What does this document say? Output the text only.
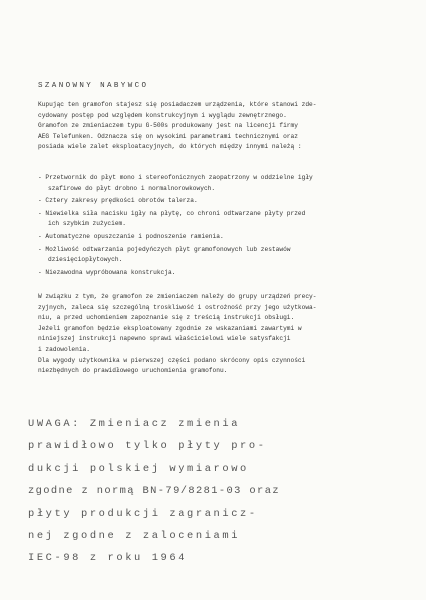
SZANOWNY NABYWCO
Kupując ten gramofon stajesz się posiadaczem urządzenia, które stanowi zde-
cydowany postęp pod względem konstrukcyjnym i wyglądu zewnętrznego.
Gramofon ze zmieniaczem typu G-500s produkowany jest na licencji firmy
AEG Telefunken. Odznacza się on wysokimi parametrami technicznymi oraz
posiada wiele zalet eksploatacyjnych, do których między innymi należą :
- Przetwornik do płyt mono i stereofonicznych zaopatrzony w oddzielne igły
szafirowe do płyt drobno i normalnorowkowych.
- Cztery zakresy prędkości obrotów talerza.
- Niewielka siła nacisku igły na płytę, co chroni odtwarzane płyty przed
ich szybkim zużyciem.
- Automatyczne opuszczanie i podnoszenie ramienia.
- Możliwość odtwarzania pojedyńczych płyt gramofonowych lub zestawów
dziesięciopłytowych.
- Niezawodna wypróbowana konstrukcja.
W związku z tym, że gramofon ze zmieniaczem należy do grupy urządzeń precy-
zyjnych, zaleca się szczególną troskliwość i ostrożność przy jego użytkowa-
niu, a przed uchomieniem zapoznanie się z treścią instrukcji obsługi.
Jeżeli gramofon będzie eksploatowany zgodnie ze wskazaniami zawartymi w
niniejszej instrukcji napewno sprawi właścicielowi wiele satysfakcji
i zadowolenia.
Dla wygody użytkownika w pierwszej części podano skrócony opis czynności
niezbędnych do prawidłowego uruchomienia gramofonu.
UWAGA: Zmieniacz zmienia
prawidłowo tylko płyty pro-
dukcji polskiej wymiarowo
zgodne z normą BN-79/8281-03 oraz
płyty produkcji zagranicz-
nej zgodne z zaloceniami
IEC-98 z roku 1964
